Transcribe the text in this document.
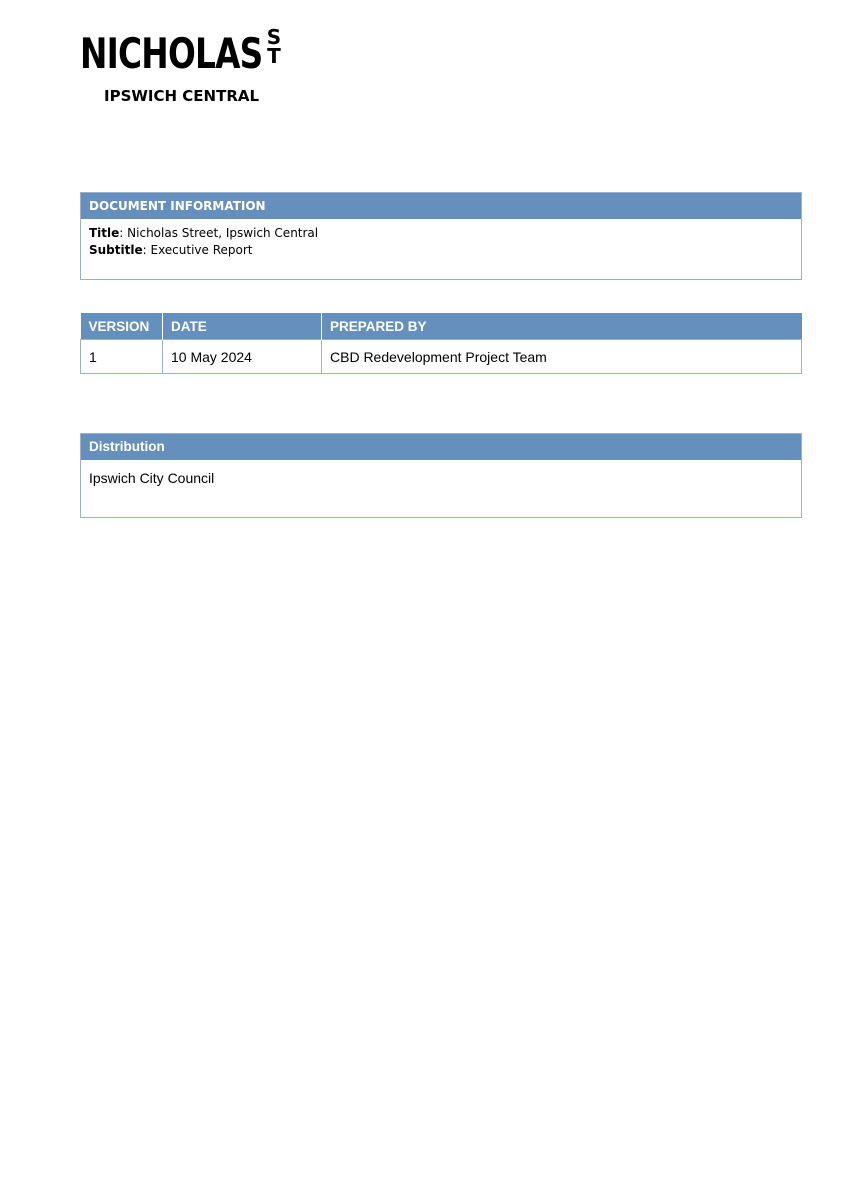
NICHOLAS S
T
IPSWICH CENTRAL
DOCUMENT INFORMATION
Title: Nicholas Street, Ipswich Central
Subtitle: Executive Report
VERSION	DATE	PREPARED BY
1	10 May 2024	CBD Redevelopment Project Team
Distribution
Ipswich City Council
